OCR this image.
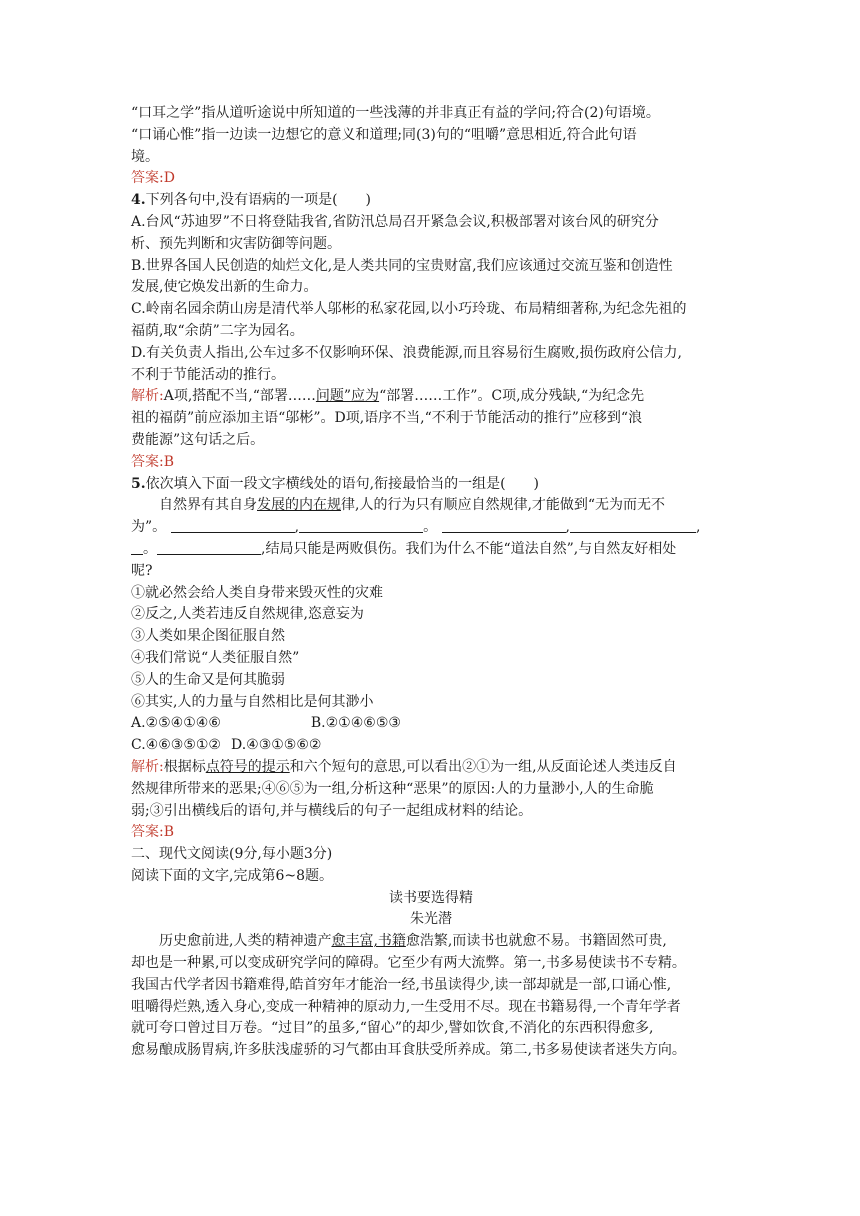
“口耳之学”指从道听途说中所知道的一些浅薄的并非真正有益的学问;符合(2)句语境。
“口诵心惟”指一边读一边想它的意义和道理;同(3)句的“咀嚼”意思相近,符合此句语
境。
答案:D
4.下列各句中,没有语病的一项是(　　)
A.台风“苏迪罗”不日将登陆我省,省防汛总局召开紧急会议,积极部署对该台风的研究分
析、预先判断和灾害防御等问题。
B.世界各国人民创造的灿烂文化,是人类共同的宝贵财富,我们应该通过交流互鉴和创造性
发展,使它焕发出新的生命力。
C.岭南名园余荫山房是清代举人邬彬的私家花园,以小巧玲珑、布局精细著称,为纪念先祖的
福荫,取“余荫”二字为园名。
D.有关负责人指出,公车过多不仅影响环保、浪费能源,而且容易衍生腐败,损伤政府公信力,
不利于节能活动的推行。
解析:A项,搭配不当,“部署……问题”应为“部署……工作”。C项,成分残缺,“为纪念先
祖的福荫”前应添加主语“邬彬”。D项,语序不当,“不利于节能活动的推行”应移到“浪
费能源”这句话之后。
答案:B
5.依次填入下面一段文字横线处的语句,衔接最恰当的一组是(　　)
自然界有其自身发展的内在规律,人的行为只有顺应自然规律,才能做到“无为而无不
为”。	,	。	,	,
。	,结局只能是两败俱伤。我们为什么不能“道法自然”,与自然友好相处
呢?
①就必然会给人类自身带来毁灭性的灾难
②反之,人类若违反自然规律,恣意妄为
③人类如果企图征服自然
④我们常说“人类征服自然”
⑤人的生命又是何其脆弱
⑥其实,人的力量与自然相比是何其渺小
A.②⑤④①④⑥	B.②①④⑥⑤③
C.④⑥③⑤①② D.④③①⑤⑥②
解析:根据标点符号的提示和六个短句的意思,可以看出②①为一组,从反面论述人类违反自
然规律所带来的恶果;④⑥⑤为一组,分析这种“恶果”的原因:人的力量渺小,人的生命脆
弱;③引出横线后的语句,并与横线后的句子一起组成材料的结论。
答案:B
二、现代文阅读(9分,每小题3分)
阅读下面的文字,完成第6~8题。
读书要选得精
朱光潜
历史愈前进,人类的精神遗产愈丰富,书籍愈浩繁,而读书也就愈不易。书籍固然可贵,
却也是一种累,可以变成研究学问的障碍。它至少有两大流弊。第一,书多易使读书不专精。
我国古代学者因书籍难得,皓首穷年才能治一经,书虽读得少,读一部却就是一部,口诵心惟,
咀嚼得烂熟,透入身心,变成一种精神的原动力,一生受用不尽。现在书籍易得,一个青年学者
就可夸口曾过目万卷。“过目”的虽多,“留心”的却少,譬如饮食,不消化的东西积得愈多,
愈易酿成肠胃病,许多肤浅虚骄的习气都由耳食肤受所养成。第二,书多易使读者迷失方向。
